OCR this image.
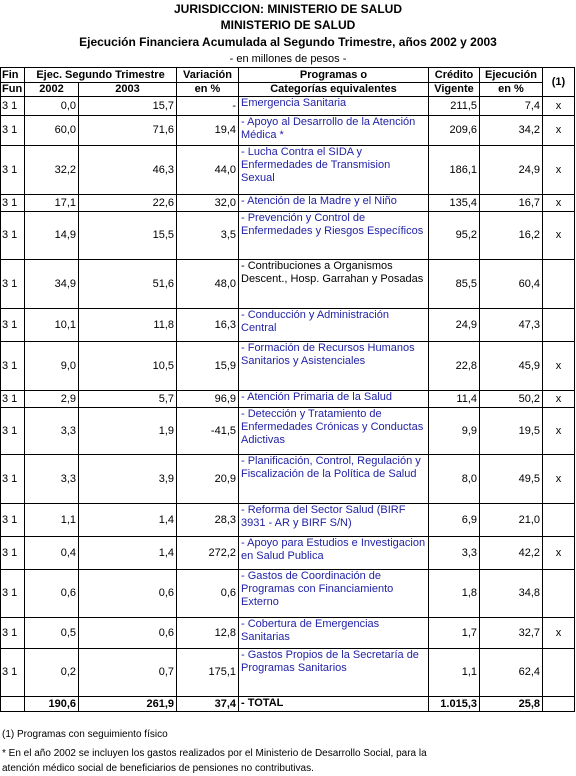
JURISDICCION: MINISTERIO DE SALUD
MINISTERIO DE SALUD
Ejecución Financiera Acumulada al Segundo Trimestre, años 2002 y 2003
- en millones de pesos -
Fin	Ejec. Segundo Trimestre		Variación	Programas o	Crédito	Ejecución	(1)
Fun	2002	2003	en %	Categorías equivalentes	Vigente	en %	
3 1	0,0	15,7	-	Emergencia Sanitaria	211,5	7,4	x
3 1	60,0	71,6	19,4	- Apoyo al Desarrollo de la Atención Médica *	209,6	34,2	x
3 1	32,2	46,3	44,0	- Lucha Contra el SIDA y Enfermedades de Transmision Sexual	186,1	24,9	x
3 1	17,1	22,6	32,0	- Atención de la Madre y el Niño	135,4	16,7	x
3 1	14,9	15,5	3,5	- Prevención y Control de Enfermedades y Riesgos Específicos	95,2	16,2	x
3 1	34,9	51,6	48,0	- Contribuciones a Organismos Descent., Hosp. Garrahan y Posadas	85,5	60,4	
3 1	10,1	11,8	16,3	- Conducción y Administración Central	24,9	47,3	
3 1	9,0	10,5	15,9	- Formación de Recursos Humanos Sanitarios y Asistenciales	22,8	45,9	x
3 1	2,9	5,7	96,9	- Atención Primaria de la Salud	11,4	50,2	x
3 1	3,3	1,9	-41,5	- Detección y Tratamiento de Enfermedades Crónicas y Conductas Adictivas	9,9	19,5	x
3 1	3,3	3,9	20,9	- Planificación, Control, Regulación y Fiscalización de la Política de Salud	8,0	49,5	x
3 1	1,1	1,4	28,3	- Reforma del Sector Salud (BIRF 3931 - AR y BIRF S/N)	6,9	21,0	
3 1	0,4	1,4	272,2	- Apoyo para Estudios e Investigacion en Salud Publica	3,3	42,2	x
3 1	0,6	0,6	0,6	- Gastos de Coordinación de Programas con Financiamiento Externo	1,8	34,8	
3 1	0,5	0,6	12,8	- Cobertura de Emergencias Sanitarias	1,7	32,7	x
3 1	0,2	0,7	175,1	- Gastos Propios de la Secretaría de Programas Sanitarios	1,1	62,4	
	190,6	261,9	37,4	- TOTAL	1.015,3	25,8	
(1) Programas con seguimiento físico
* En el año 2002 se incluyen los gastos realizados por el Ministerio de Desarrollo Social, para la
atención médico social de beneficiarios de pensiones no contributivas.
